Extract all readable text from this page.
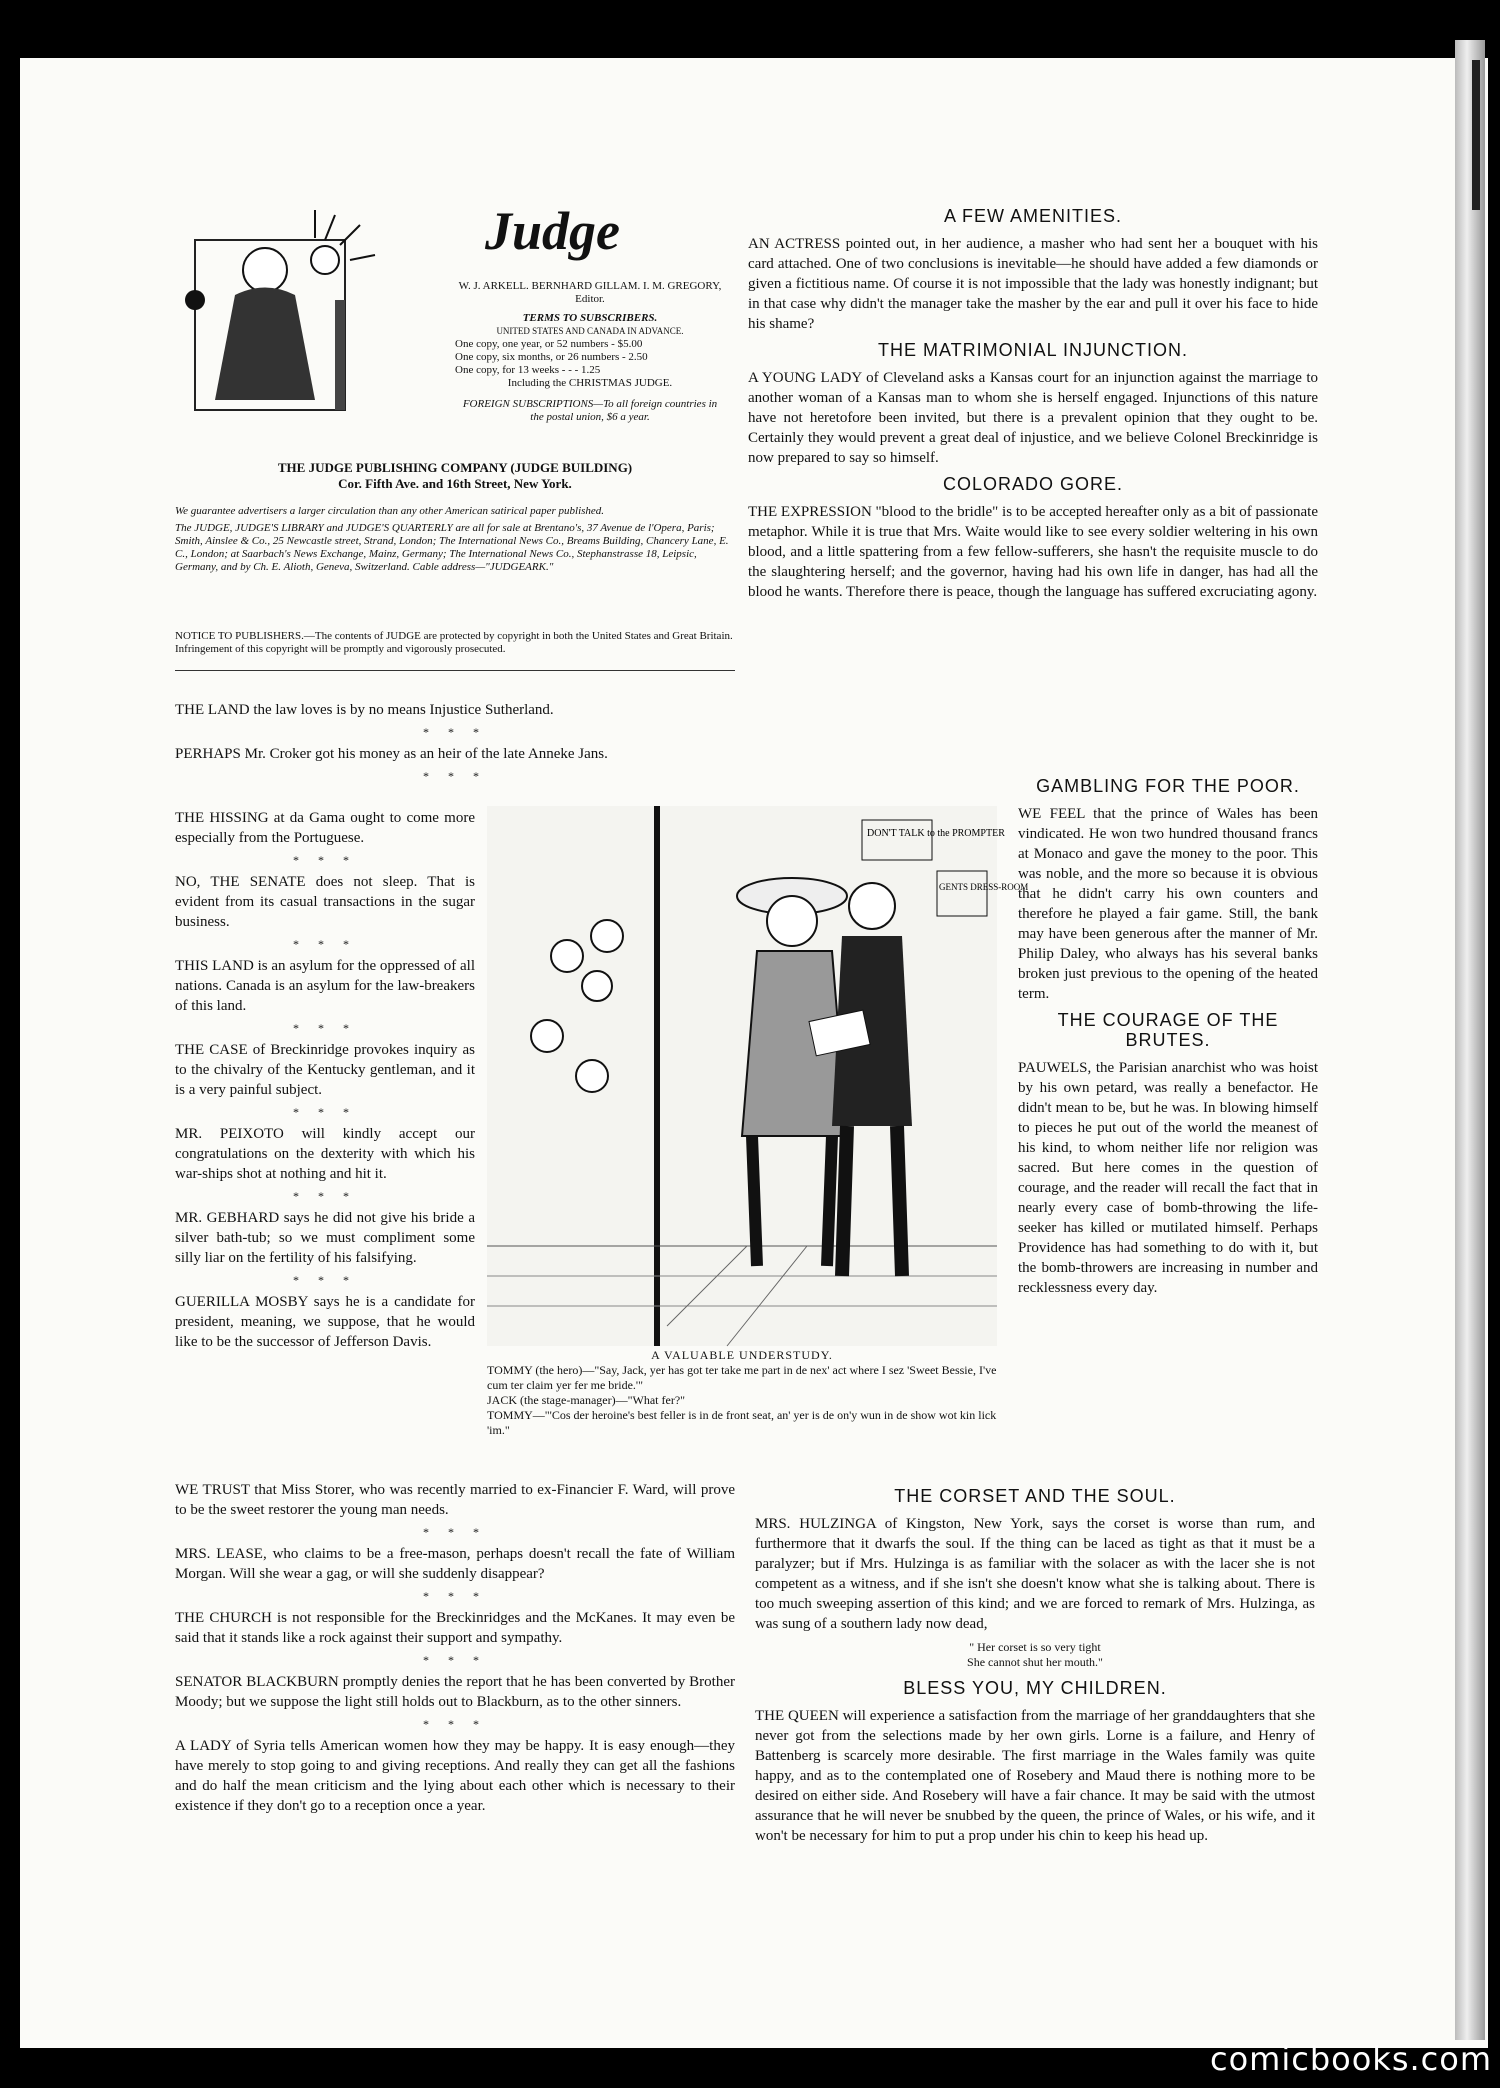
Judge
W. J. ARKELL. BERNHARD GILLAM. I. M. GREGORY, Editor.
TERMS TO SUBSCRIBERS.
UNITED STATES AND CANADA IN ADVANCE.
One copy, one year, or 52 numbers - $5.00
One copy, six months, or 26 numbers - 2.50
One copy, for 13 weeks - - - 1.25
Including the CHRISTMAS JUDGE.
FOREIGN SUBSCRIPTIONS—To all foreign countries in the postal union, $6 a year.
THE JUDGE PUBLISHING COMPANY (JUDGE BUILDING)
Cor. Fifth Ave. and 16th Street, New York.
We guarantee advertisers a larger circulation than any other American satirical paper published.
The JUDGE, JUDGE'S LIBRARY and JUDGE'S QUARTERLY are all for sale at Brentano's, 37 Avenue de l'Opera, Paris; Smith, Ainslee & Co., 25 Newcastle street, Strand, London; The International News Co., Breams Building, Chancery Lane, E. C., London; at Saarbach's News Exchange, Mainz, Germany; The International News Co., Stephanstrasse 18, Leipsic, Germany, and by Ch. E. Alioth, Geneva, Switzerland. Cable address—"JUDGEARK."
NOTICE TO PUBLISHERS.—The contents of JUDGE are protected by copyright in both the United States and Great Britain. Infringement of this copyright will be promptly and vigorously prosecuted.

THE LAND the law loves is by no means Injustice Sutherland.

* * *

PERHAPS Mr. Croker got his money as an heir of the late Anneke Jans.

* * *

THE HISSING at da Gama ought to come more especially from the Portuguese.

* * *

NO, THE SENATE does not sleep. That is evident from its casual transactions in the sugar business.

* * *

THIS LAND is an asylum for the oppressed of all nations. Canada is an asylum for the law-breakers of this land.

* * *

THE CASE of Breckinridge provokes inquiry as to the chivalry of the Kentucky gentleman, and it is a very painful subject.

* * *

MR. PEIXOTO will kindly accept our congratulations on the dexterity with which his war-ships shot at nothing and hit it.

* * *

MR. GEBHARD says he did not give his bride a silver bath-tub; so we must compliment some silly liar on the fertility of his falsifying.

* * *

GUERILLA MOSBY says he is a candidate for president, meaning, we suppose, that he would like to be the successor of Jefferson Davis.

A FEW AMENITIES.

AN ACTRESS pointed out, in her audience, a masher who had sent her a bouquet with his card attached. One of two conclusions is inevitable—he should have added a few diamonds or given a fictitious name. Of course it is not impossible that the lady was honestly indignant; but in that case why didn't the manager take the masher by the ear and pull it over his face to hide his shame?

THE MATRIMONIAL INJUNCTION.

A YOUNG LADY of Cleveland asks a Kansas court for an injunction against the marriage to another woman of a Kansas man to whom she is herself engaged. Injunctions of this nature have not heretofore been invited, but there is a prevalent opinion that they ought to be. Certainly they would prevent a great deal of injustice, and we believe Colonel Breckinridge is now prepared to say so himself.

COLORADO GORE.

THE EXPRESSION "blood to the bridle" is to be accepted hereafter only as a bit of passionate metaphor. While it is true that Mrs. Waite would like to see every soldier weltering in his own blood, and a little spattering from a few fellow-sufferers, she hasn't the requisite muscle to do the slaughtering herself; and the governor, having had his own life in danger, has had all the blood he wants. Therefore there is peace, though the language has suffered excruciating agony.

DON'T TALK to the PROMPTER
GENTS DRESS-ROOM
A VALUABLE UNDERSTUDY.
TOMMY (the hero)—"Say, Jack, yer has got ter take me part in de nex' act where I sez 'Sweet Bessie, I've cum ter claim yer fer me bride.'"
JACK (the stage-manager)—"What fer?"
TOMMY—"'Cos der heroine's best feller is in de front seat, an' yer is de on'y wun in de show wot kin lick 'im."
GAMBLING FOR THE POOR.

WE FEEL that the prince of Wales has been vindicated. He won two hundred thousand francs at Monaco and gave the money to the poor. This was noble, and the more so because it is obvious that he didn't carry his own counters and therefore he played a fair game. Still, the bank may have been generous after the manner of Mr. Philip Daley, who always has his several banks broken just previous to the opening of the heated term.

THE COURAGE OF THE BRUTES.

PAUWELS, the Parisian anarchist who was hoist by his own petard, was really a benefactor. He didn't mean to be, but he was. In blowing himself to pieces he put out of the world the meanest of his kind, to whom neither life nor religion was sacred. But here comes in the question of courage, and the reader will recall the fact that in nearly every case of bomb-throwing the life-seeker has killed or mutilated himself. Perhaps Providence has had something to do with it, but the bomb-throwers are increasing in number and recklessness every day.

WE TRUST that Miss Storer, who was recently married to ex-Financier F. Ward, will prove to be the sweet restorer the young man needs.

* * *

MRS. LEASE, who claims to be a free-mason, perhaps doesn't recall the fate of William Morgan. Will she wear a gag, or will she suddenly disappear?

* * *

THE CHURCH is not responsible for the Breckinridges and the McKanes. It may even be said that it stands like a rock against their support and sympathy.

* * *

SENATOR BLACKBURN promptly denies the report that he has been converted by Brother Moody; but we suppose the light still holds out to Blackburn, as to the other sinners.

* * *

A LADY of Syria tells American women how they may be happy. It is easy enough—they have merely to stop going to and giving receptions. And really they can get all the fashions and do half the mean criticism and the lying about each other which is necessary to their existence if they don't go to a reception once a year.

THE CORSET AND THE SOUL.

MRS. HULZINGA of Kingston, New York, says the corset is worse than rum, and furthermore that it dwarfs the soul. If the thing can be laced as tight as that it must be a paralyzer; but if Mrs. Hulzinga is as familiar with the solacer as with the lacer she is not competent as a witness, and if she isn't she doesn't know what she is talking about. There is too much sweeping assertion of this kind; and we are forced to remark of Mrs. Hulzinga, as was sung of a southern lady now dead,

" Her corset is so very tight
She cannot shut her mouth."
BLESS YOU, MY CHILDREN.

THE QUEEN will experience a satisfaction from the marriage of her granddaughters that she never got from the selections made by her own girls. Lorne is a failure, and Henry of Battenberg is scarcely more desirable. The first marriage in the Wales family was quite happy, and as to the contemplated one of Rosebery and Maud there is nothing more to be desired on either side. And Rosebery will have a fair chance. It may be said with the utmost assurance that he will never be snubbed by the queen, the prince of Wales, or his wife, and it won't be necessary for him to put a prop under his chin to keep his head up.

comicbooks.com
